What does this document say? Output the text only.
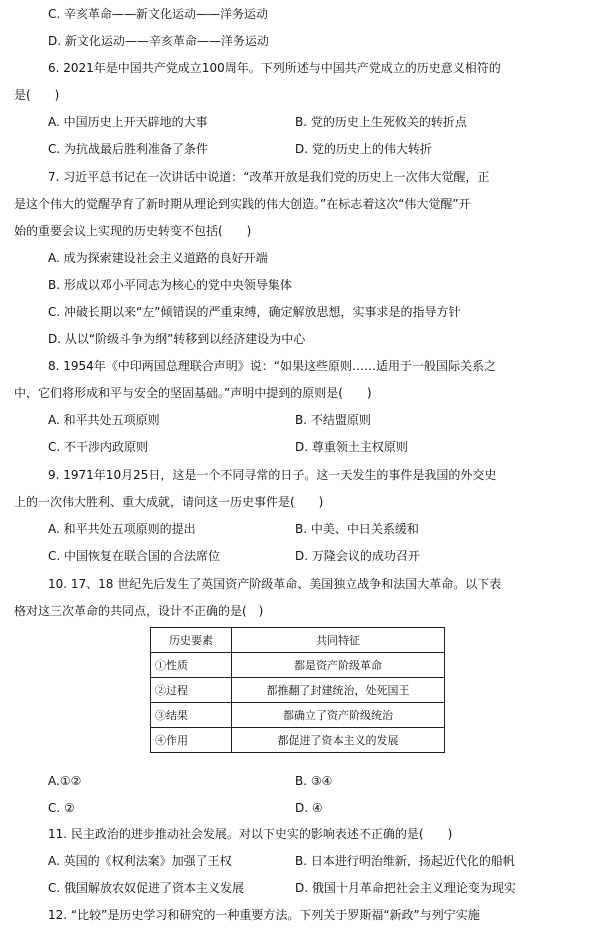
C. 辛亥革命——新文化运动——洋务运动
D. 新文化运动——辛亥革命——洋务运动
6. 2021年是中国共产党成立100周年。下列所述与中国共产党成立的历史意义相符的
是(　　)
7. 习近平总书记在一次讲话中说道：“改革开放是我们党的历史上一次伟大觉醒，正
是这个伟大的觉醒孕育了新时期从理论到实践的伟大创造。”在标志着这次“伟大觉醒”开
始的重要会议上实现的历史转变不包括(　　)
A. 成为探索建设社会主义道路的良好开端
B. 形成以邓小平同志为核心的党中央领导集体
C. 冲破长期以来“左”倾错误的严重束缚，确定解放思想，实事求是的指导方针
D. 从以“阶级斗争为纲”转移到以经济建设为中心
8. 1954年《中印两国总理联合声明》说：“如果这些原则……适用于一般国际关系之
中，它们将形成和平与安全的坚固基础。”声明中提到的原则是(　　)
9. 1971年10月25日，这是一个不同寻常的日子。这一天发生的事件是我国的外交史
上的一次伟大胜利、重大成就，请问这一历史事件是(　　)
10. 17、18 世纪先后发生了英国资产阶级革命、美国独立战争和法国大革命。以下表
格对这三次革命的共同点，设计不正确的是(　)
11. 民主政治的进步推动社会发展。对以下史实的影响表述不正确的是(　　)
12. “比较”是历史学习和研究的一种重要方法。下列关于罗斯福“新政”与列宁实施
A. 中国历史上开天辟地的大事	B. 党的历史上生死攸关的转折点
C. 为抗战最后胜利准备了条件	D. 党的历史上的伟大转折
A. 和平共处五项原则	B. 不结盟原则
C. 不干涉内政原则	D. 尊重领土主权原则
A. 和平共处五项原则的提出	B. 中美、中日关系缓和
C. 中国恢复在联合国的合法席位	D. 万隆会议的成功召开
A.①②	B. ③④
C. ②	D. ④
A. 英国的《权利法案》加强了王权	B. 日本进行明治维新，扬起近代化的船帆
C. 俄国解放农奴促进了资本主义发展	D. 俄国十月革命把社会主义理论变为现实
历史要素	共同特征
①性质	都是资产阶级革命
②过程	都推翻了封建统治，处死国王
③结果	都确立了资产阶级统治
④作用	都促进了资本主义的发展
